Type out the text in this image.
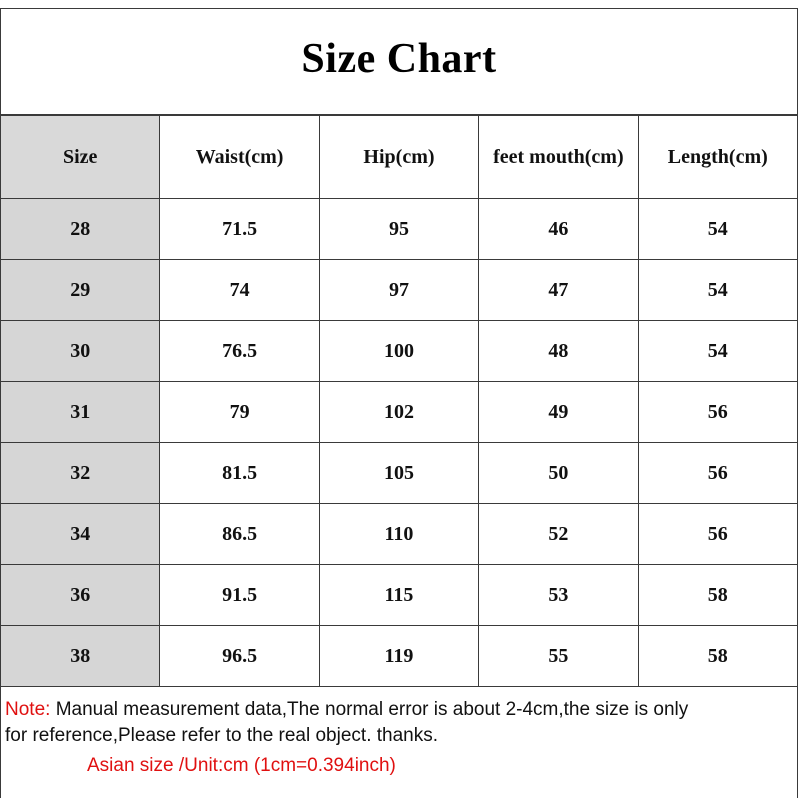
Size Chart
Size	Waist(cm)	Hip(cm)	feet mouth(cm)	Length(cm)
28	71.5	95	46	54
29	74	97	47	54
30	76.5	100	48	54
31	79	102	49	56
32	81.5	105	50	56
34	86.5	110	52	56
36	91.5	115	53	58
38	96.5	119	55	58
Note: Manual measurement data,The normal error is about 2-4cm,the size is only
for reference,Please refer to the real object. thanks.
Asian size /Unit:cm (1cm=0.394inch)
